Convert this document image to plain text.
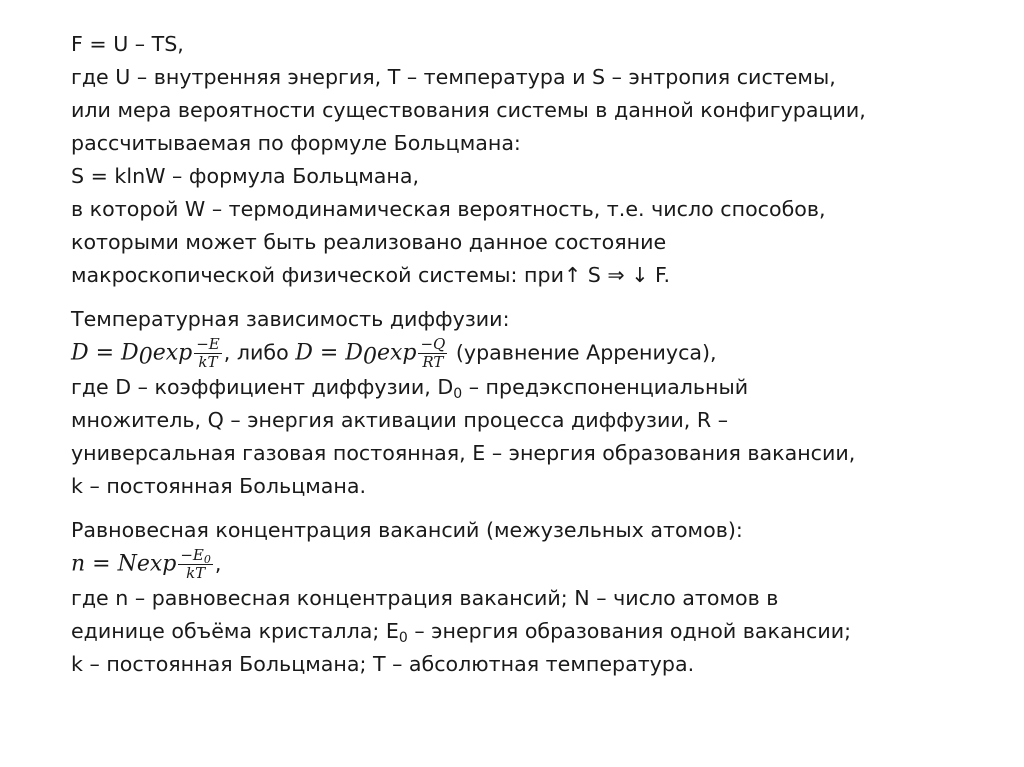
F = U – TS,
где U – внутренняя энергия, T – температура и S – энтропия системы,
или мера вероятности существования системы в данной конфигурации,
рассчитываемая по формуле Больцмана:
S = klnW – формула Больцмана,
в которой W – термодинамическая вероятность, т.е. число способов,
которыми может быть реализовано данное состояние
макроскопической физической системы: при↑ S ⇒ ↓ F.
Температурная зависимость диффузии:
$D = D_0\exp \frac{-E}{kT}$ , либо $D = D_0\exp \frac{-Q}{RT}$ (уравнение Аррениуса),
где D – коэффициент диффузии, $D_0$ – предэкспоненциальный
множитель, Q – энергия активации процесса диффузии, R –
универсальная газовая постоянная, E – энергия образования вакансии,
k – постоянная Больцмана.
Равновесная концентрация вакансий (межузельных атомов):
n = Nexp $\frac{-E_0}{kT}$ ,
где n – равновесная концентрация вакансий; N – число атомов в
единице объёма кристалла; $E_0$ – энергия образования одной вакансии;
k – постоянная Больцмана; T – абсолютная температура.
